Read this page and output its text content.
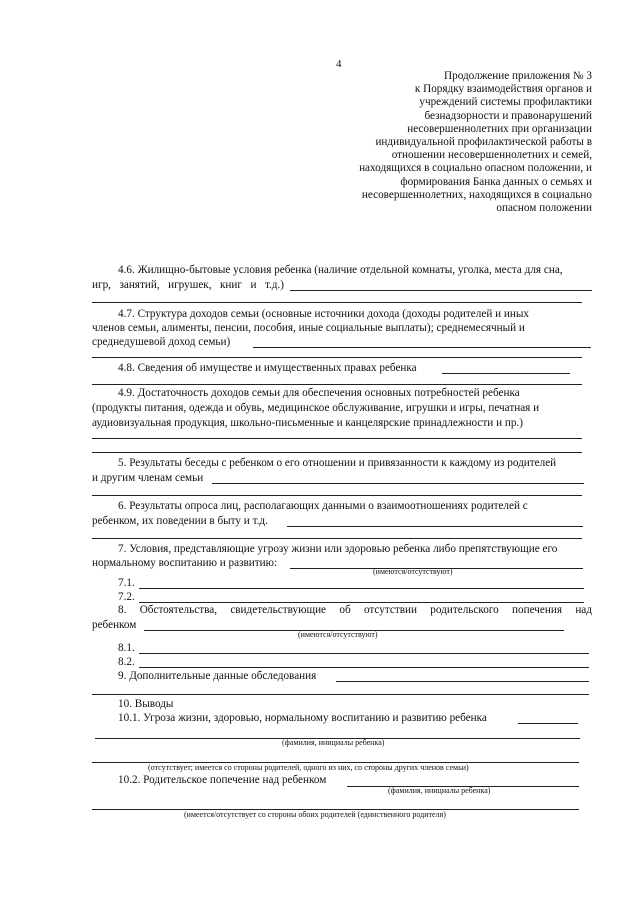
4
Продолжение приложения № 3
к Порядку взаимодействия органов и
учреждений системы профилактики
безнадзорности и правонарушений
несовершеннолетних при организации
индивидуальной профилактической работы в
отношении несовершеннолетних и семей,
находящихся в социально опасном положении, и
формирования Банка данных о семьях и
несовершеннолетних, находящихся в социально
опасном положении
4.6. Жилищно-бытовые условия ребенка (наличие отдельной комнаты, уголка, места для сна,
игр, занятий, игрушек, книг и т.д.)
4.7. Структура доходов семьи (основные источники дохода (доходы родителей и иных
членов семьи, алименты, пенсии, пособия, иные социальные выплаты); среднемесячный и
среднедушевой доход семьи)
4.8. Сведения об имуществе и имущественных правах ребенка
4.9. Достаточность доходов семьи для обеспечения основных потребностей ребенка
(продукты питания, одежда и обувь, медицинское обслуживание, игрушки и игры, печатная и
аудиовизуальная продукция, школьно-письменные и канцелярские принадлежности и пр.)
5. Результаты беседы с ребенком о его отношении и привязанности к каждому из родителей
и другим членам семьи
6. Результаты опроса лиц, располагающих данными о взаимоотношениях родителей с
ребенком, их поведении в быту и т.д.
7. Условия, представляющие угрозу жизни или здоровью ребенка либо препятствующие его
нормальному воспитанию и развитию:
(имеются/отсутствуют)
7.1.
7.2.
8. Обстоятельства, свидетельствующие об отсутствии родительского попечения над
ребенком
(имеются/отсутствуют)
8.1.
8.2.
9. Дополнительные данные обследования
10. Выводы
10.1. Угроза жизни, здоровью, нормальному воспитанию и развитию ребенка
(фамилия, инициалы ребенка)
(отсутствует; имеется со стороны родителей, одного из них, со стороны других членов семьи)
10.2. Родительское попечение над ребенком
(фамилия, инициалы ребенка)
(имеется/отсутствует со стороны обоих родителей (единственного родителя)
